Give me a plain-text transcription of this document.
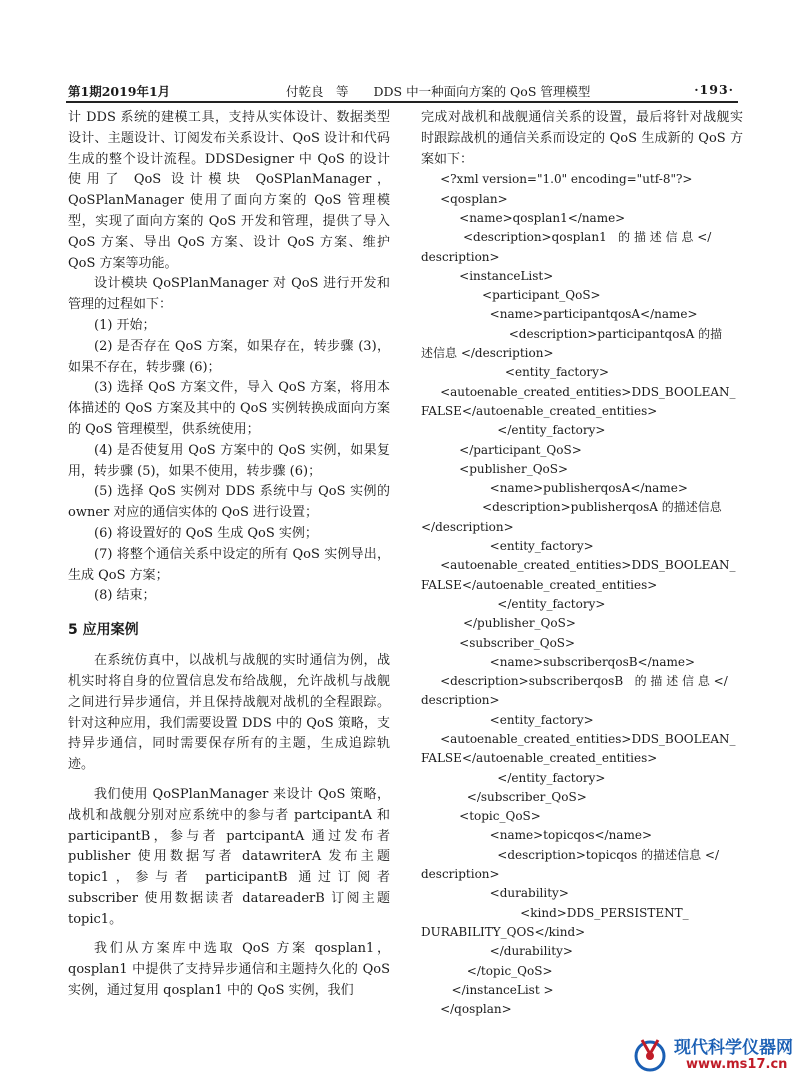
第1期2019年1月	付乾良　等　　DDS 中一种面向方案的 QoS 管理模型	·193·

计 DDS 系统的建模工具，支持从实体设计、数据类型设计、主题设计、订阅发布关系设计、QoS 设计和代码生成的整个设计流程。DDSDesigner 中 QoS 的设计使用了 QoS 设计模块 QoSPlanManager，QoSPlanManager 使用了面向方案的 QoS 管理模型，实现了面向方案的 QoS 开发和管理，提供了导入 QoS 方案、导出 QoS 方案、设计 QoS 方案、维护 QoS 方案等功能。

设计模块 QoSPlanManager 对 QoS 进行开发和管理的过程如下：

(1) 开始；

(2) 是否存在 QoS 方案，如果存在，转步骤 (3)，如果不存在，转步骤 (6)；

(3) 选择 QoS 方案文件，导入 QoS 方案，将用本体描述的 QoS 方案及其中的 QoS 实例转换成面向方案的 QoS 管理模型，供系统使用；

(4) 是否使复用 QoS 方案中的 QoS 实例，如果复用，转步骤 (5)，如果不使用，转步骤 (6)；

(5) 选择 QoS 实例对 DDS 系统中与 QoS 实例的 owner 对应的通信实体的 QoS 进行设置；

(6) 将设置好的 QoS 生成 QoS 实例；

(7) 将整个通信关系中设定的所有 QoS 实例导出，生成 QoS 方案；

(8) 结束；

5 应用案例

在系统仿真中，以战机与战舰的实时通信为例，战机实时将自身的位置信息发布给战舰，允许战机与战舰之间进行异步通信，并且保持战舰对战机的全程跟踪。针对这种应用，我们需要设置 DDS 中的 QoS 策略，支持异步通信，同时需要保存所有的主题，生成追踪轨迹。

我们使用 QoSPlanManager 来设计 QoS 策略，战机和战舰分别对应系统中的参与者 partcipantA 和 participantB，参与者 partcipantA 通过发布者 publisher 使用数据写者 datawriterA 发布主题 topic1，参与者 participantB 通过订阅者 subscriber 使用数据读者 datareaderB 订阅主题 topic1。

我们从方案库中选取 QoS 方案 qosplan1，qosplan1 中提供了支持异步通信和主题持久化的 QoS 实例，通过复用 qosplan1 中的 QoS 实例，我们

完成对战机和战舰通信关系的设置，最后将针对战舰实时跟踪战机的通信关系而设定的 QoS 生成新的 QoS 方案如下：

<?xml version="1.0" encoding="utf-8"?>
<qosplan>
<name>qosplan1</name>
<description>qosplan1   的 描 述 信 息 </
description>
<instanceList>
<participant_QoS>
<name>participantqosA</name>
<description>participantqosA 的描
述信息 </description>
<entity_factory>
<autoenable_created_entities>DDS_BOOLEAN_
FALSE</autoenable_created_entities>
</entity_factory>
</participant_QoS>
<publisher_QoS>
<name>publisherqosA</name>
<description>publisherqosA 的描述信息
</description>
<entity_factory>
<autoenable_created_entities>DDS_BOOLEAN_
FALSE</autoenable_created_entities>
</entity_factory>
</publisher_QoS>
<subscriber_QoS>
<name>subscriberqosB</name>
<description>subscriberqosB   的 描 述 信 息 </
description>
<entity_factory>
<autoenable_created_entities>DDS_BOOLEAN_
FALSE</autoenable_created_entities>
</entity_factory>
</subscriber_QoS>
<topic_QoS>
<name>topicqos</name>
<description>topicqos 的描述信息 </
description>
<durability>
<kind>DDS_PERSISTENT_
DURABILITY_QOS</kind>
</durability>
</topic_QoS>
</instanceList >
</qosplan>
现代科学仪器网
www.ms17.cn
